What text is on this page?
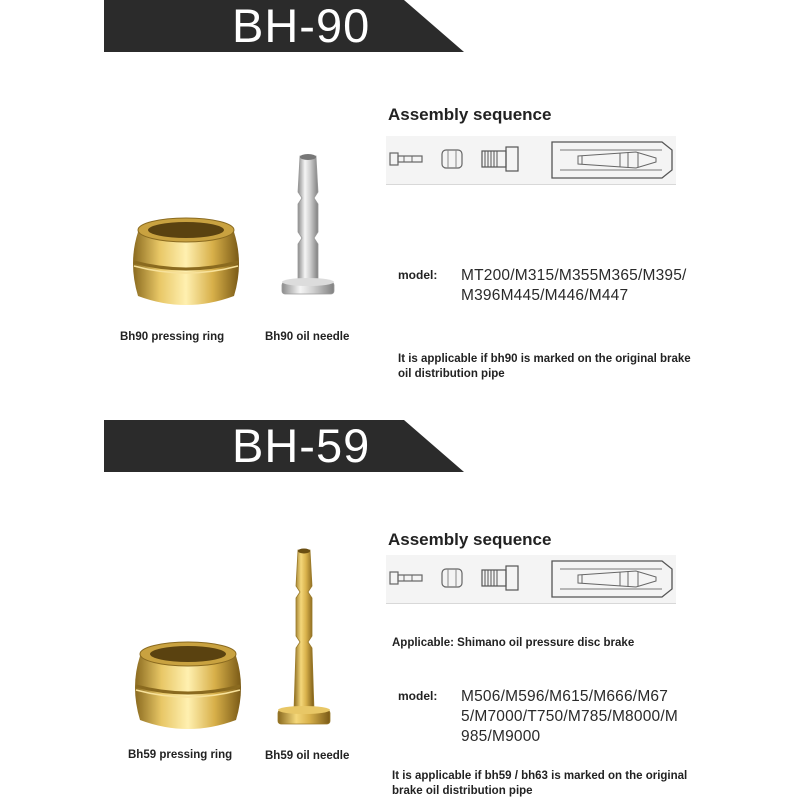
BH-90
Assembly sequence
Bh90 pressing ring	Bh90 oil needle
model: MT200/M315/M355M365/M395/M396M445/M446/M447
It is applicable if bh90 is marked on the original brake oil distribution pipe
BH-59
Assembly sequence
Applicable: Shimano oil pressure disc brake
Bh59 pressing ring	Bh59 oil needle
model: M506/M596/M615/M666/M675/M7000/T750/M785/M8000/M985/M9000
It is applicable if bh59 / bh63 is marked on the original brake oil distribution pipe
